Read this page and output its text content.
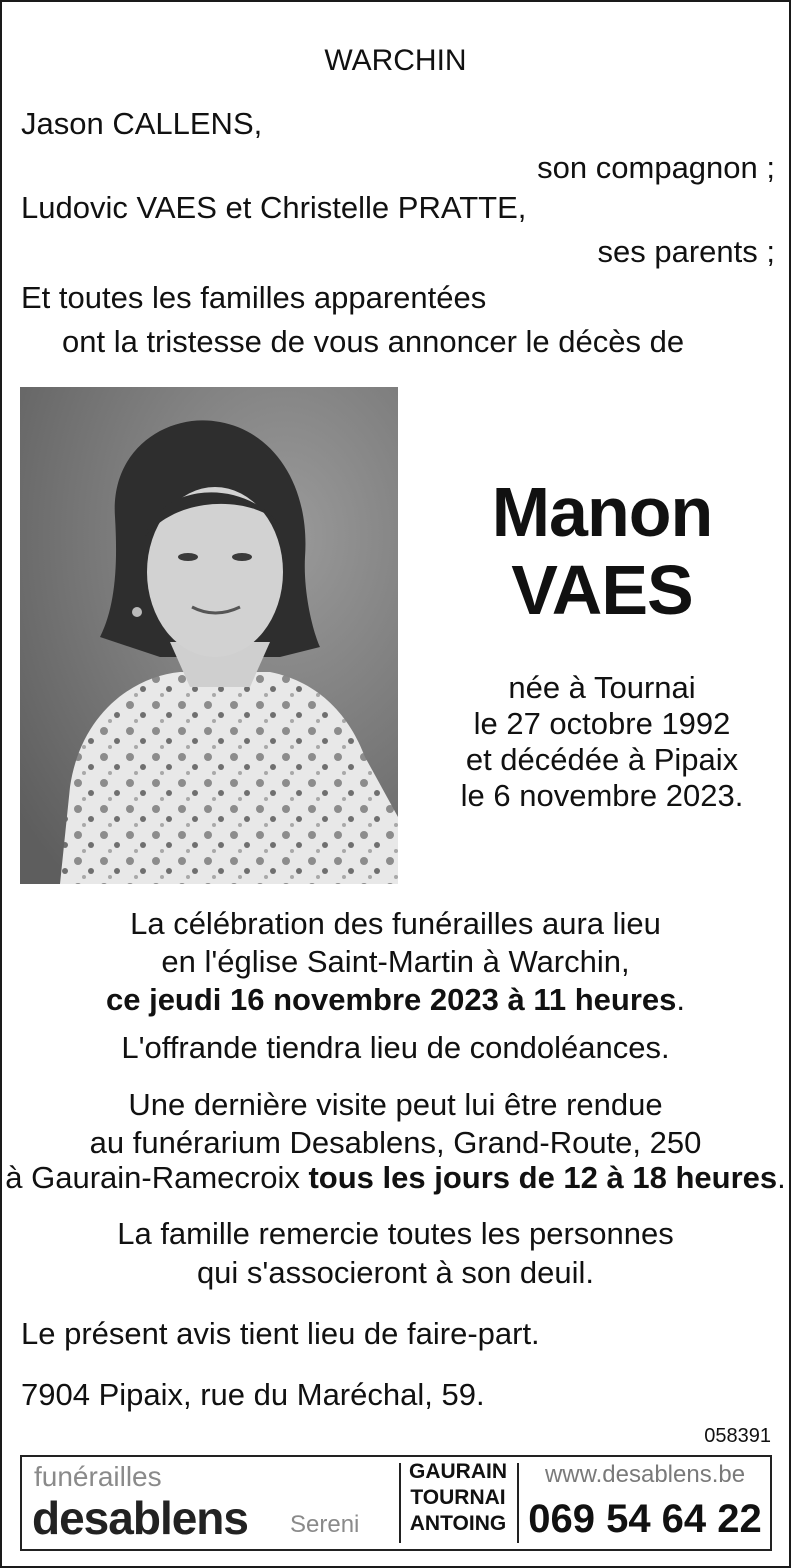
WARCHIN
Jason CALLENS,
son compagnon ;
Ludovic VAES et Christelle PRATTE,
ses parents ;
Et toutes les familles apparentées
ont la tristesse de vous annoncer le décès de
Manon
VAES
née à Tournai
le 27 octobre 1992
et décédée à Pipaix
le 6 novembre 2023.
La célébration des funérailles aura lieu
en l'église Saint-Martin à Warchin,
ce jeudi 16 novembre 2023 à 11 heures.
L'offrande tiendra lieu de condoléances.
Une dernière visite peut lui être rendue
au funérarium Desablens, Grand-Route, 250
à Gaurain-Ramecroix tous les jours de 12 à 18 heures.
La famille remercie toutes les personnes
qui s'associeront à son deuil.
Le présent avis tient lieu de faire-part.
7904 Pipaix, rue du Maréchal, 59.
058391
funérailles
desablens Sereni
GAURAIN
TOURNAI
ANTOING
www.desablens.be
069 54 64 22
